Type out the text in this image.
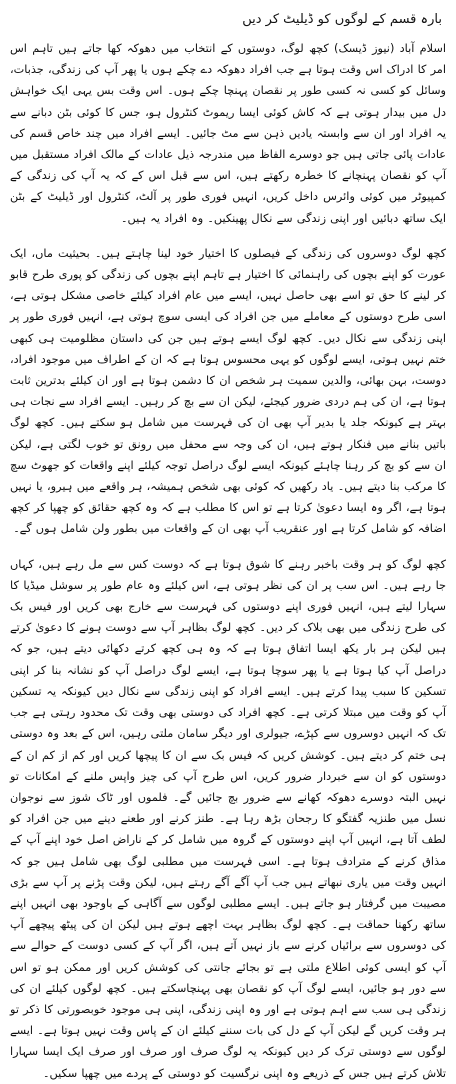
بارہ قسم کے لوگوں کو ڈیلیٹ کر دیں

اسلام آباد (نیوز ڈیسک) کچھ لوگ، دوستوں کے انتخاب میں دھوکہ کھا جاتے ہیں تاہم اس امر کا ادراک اس وقت ہوتا ہے جب افراد دھوکہ دے چکے ہوں یا پھر آپ کی زندگی، جذبات، وسائل کو کسی نہ کسی طور پر نقصان پہنچا چکے ہوں۔ اس وقت بس یہی ایک خواہش دل میں بیدار ہوتی ہے کہ کاش کوئی ایسا ریموٹ کنٹرول ہو، جس کا کوئی بٹن دبانے سے یہ افراد اور ان سے وابستہ یادیں ذہن سے مٹ جائیں۔ ایسے افراد میں چند خاص قسم کی عادات پائی جاتی ہیں جو دوسرے الفاظ میں مندرجہ ذیل عادات کے مالک افراد مستقبل میں آپ کو نقصان پہنچانے کا خطرہ رکھتے ہیں، اس سے قبل اس کے کہ یہ آپ کی زندگی کے کمپیوٹر میں کوئی وائرس داخل کریں، انہیں فوری طور پر آلٹ، کنٹرول اور ڈیلیٹ کے بٹن ایک ساتھ دبائیں اور اپنی زندگی سے نکال پھینکیں۔ وہ افراد یہ ہیں۔

کچھ لوگ دوسروں کی زندگی کے فیصلوں کا اختیار خود لینا چاہتے ہیں۔ بحیثیت ماں، ایک عورت کو اپنے بچوں کی راہنمائی کا اختیار ہے تاہم اپنے بچوں کی زندگی کو پوری طرح قابو کر لینے کا حق تو اسے بھی حاصل نہیں، ایسے میں عام افراد کیلئے خاصی مشکل ہوتی ہے، اسی طرح دوستوں کے معاملے میں جن افراد کی ایسی سوچ ہوتی ہے، انہیں فوری طور پر اپنی زندگی سے نکال دیں۔ کچھ لوگ ایسے ہوتے ہیں جن کی داستان مظلومیت ہی کبھی ختم نہیں ہوتی، ایسے لوگوں کو یہی محسوس ہوتا ہے کہ ان کے اطراف میں موجود افراد، دوست، بہن بھائی، والدین سمیت ہر شخص ان کا دشمن ہوتا ہے اور ان کیلئے بدترین ثابت ہوتا ہے، ان کی ہم دردی ضرور کیجئے، لیکن ان سے بچ کر رہیں۔ ایسے افراد سے نجات ہی بہتر ہے کیونکہ جلد یا بدیر آپ بھی ان کی فہرست میں شامل ہو سکتے ہیں۔ کچھ لوگ باتیں بنانے میں فنکار ہوتے ہیں، ان کی وجہ سے محفل میں رونق تو خوب لگتی ہے، لیکن ان سے کو بچ کر رہنا چاہئے کیونکہ ایسے لوگ دراصل توجہ کیلئے اپنے واقعات کو جھوٹ سچ کا مرکب بنا دیتے ہیں۔ یاد رکھیں کہ کوئی بھی شخص ہمیشہ، ہر واقعے میں ہیرو، یا نہیں ہوتا ہے، اگر وہ ایسا دعویٰ کرتا ہے تو اس کا مطلب ہے کہ وہ کچھ حقائق کو چھپا کر کچھ اضافہ کو شامل کرتا ہے اور عنقریب آپ بھی ان کے واقعات میں بطور ولن شامل ہوں گے۔

کچھ لوگ کو ہر وقت باخبر رہنے کا شوق ہوتا ہے کہ دوست کس سے مل رہے ہیں، کہاں جا رہے ہیں۔ اس سب پر ان کی نظر ہوتی ہے، اس کیلئے وہ عام طور پر سوشل میڈیا کا سہارا لیتے ہیں، انہیں فوری اپنے دوستوں کی فہرست سے خارج بھی کریں اور فیس بک کی طرح زندگی میں بھی بلاک کر دیں۔ کچھ لوگ بظاہر آپ سے دوست ہونے کا دعویٰ کرتے ہیں لیکن ہر بار یکھ ایسا اتفاق ہوتا ہے کہ وہ ہی کچھ کرتے دکھائی دیتے ہیں، جو کہ دراصل آپ کیا ہوتا ہے یا پھر سوچا ہوتا ہے، ایسے لوگ دراصل آپ کو نشانہ بنا کر اپنی تسکین کا سبب پیدا کرتے ہیں۔ ایسے افراد کو اپنی زندگی سے نکال دیں کیونکہ یہ تسکین آپ کو وقت میں مبتلا کرتی ہے۔ کچھ افراد کی دوستی بھی وقت تک محدود رہتی ہے جب تک کہ انہیں دوسروں سے کپڑے، جیولری اور دیگر سامان ملتی رہیں، اس کے بعد وہ دوستی ہی ختم کر دیتے ہیں۔ کوشش کریں کہ فیس بک سے ان کا پیچھا کریں اور کم از کم ان کے دوستوں کو ان سے خبردار ضرور کریں، اس طرح آپ کی چیز واپس ملنے کے امکانات تو نہیں البتہ دوسرے دھوکہ کھانے سے ضرور بچ جائیں گے۔ فلموں اور ٹاک شوز سے نوجوان نسل میں طنزیہ گفتگو کا رجحان بڑھ رہا ہے۔ طنز کرنے اور طعنے دینے میں جن افراد کو لطف آتا ہے، انہیں آپ اپنے دوستوں کے گروہ میں شامل کر کے ناراض اصل خود اپنے آپ کے مذاق کرنے کے مترادف ہوتا ہے۔ اسی فہرست میں مطلبی لوگ بھی شامل ہیں جو کہ انہیں وقت میں یاری نبھاتے ہیں جب آپ آگے آگے رہتے ہیں، لیکن وقت پڑنے پر آپ سے بڑی مصیبت میں گرفتار ہو جاتے ہیں۔ ایسے مطلبی لوگوں سے آگاہی کے باوجود بھی انہیں اپنے ساتھ رکھنا حماقت ہے۔ کچھ لوگ بظاہر بہت اچھے ہوتے ہیں لیکن ان کی پیٹھ پیچھے آپ کی دوسروں سے برائیاں کرنے سے باز نہیں آتے ہیں، اگر آپ کے کسی دوست کے حوالے سے آپ کو ایسی کوئی اطلاع ملتی ہے تو بجائے جانتی کی کوشش کریں اور ممکن ہو تو اس سے دور ہو جائیں، ایسے لوگ آپ کو نقصان بھی پہنچاسکتے ہیں۔ کچھ لوگوں کیلئے ان کی زندگی ہی سب سے اہم ہوتی ہے اور وہ اپنی زندگی، اپنی ہی موجود خوبصورتی کا ذکر تو ہر وقت کریں گے لیکن آپ کے دل کی بات سننے کیلئے ان کے پاس وقت نہیں ہوتا ہے۔ ایسے لوگوں سے دوستی ترک کر دیں کیونکہ یہ لوگ صرف اور صرف اور صرف ایک ایسا سہارا تلاش کرتے ہیں جس کے ذریعے وہ اپنی نرگسیت کو دوستی کے پردے میں چھپا سکیں۔
